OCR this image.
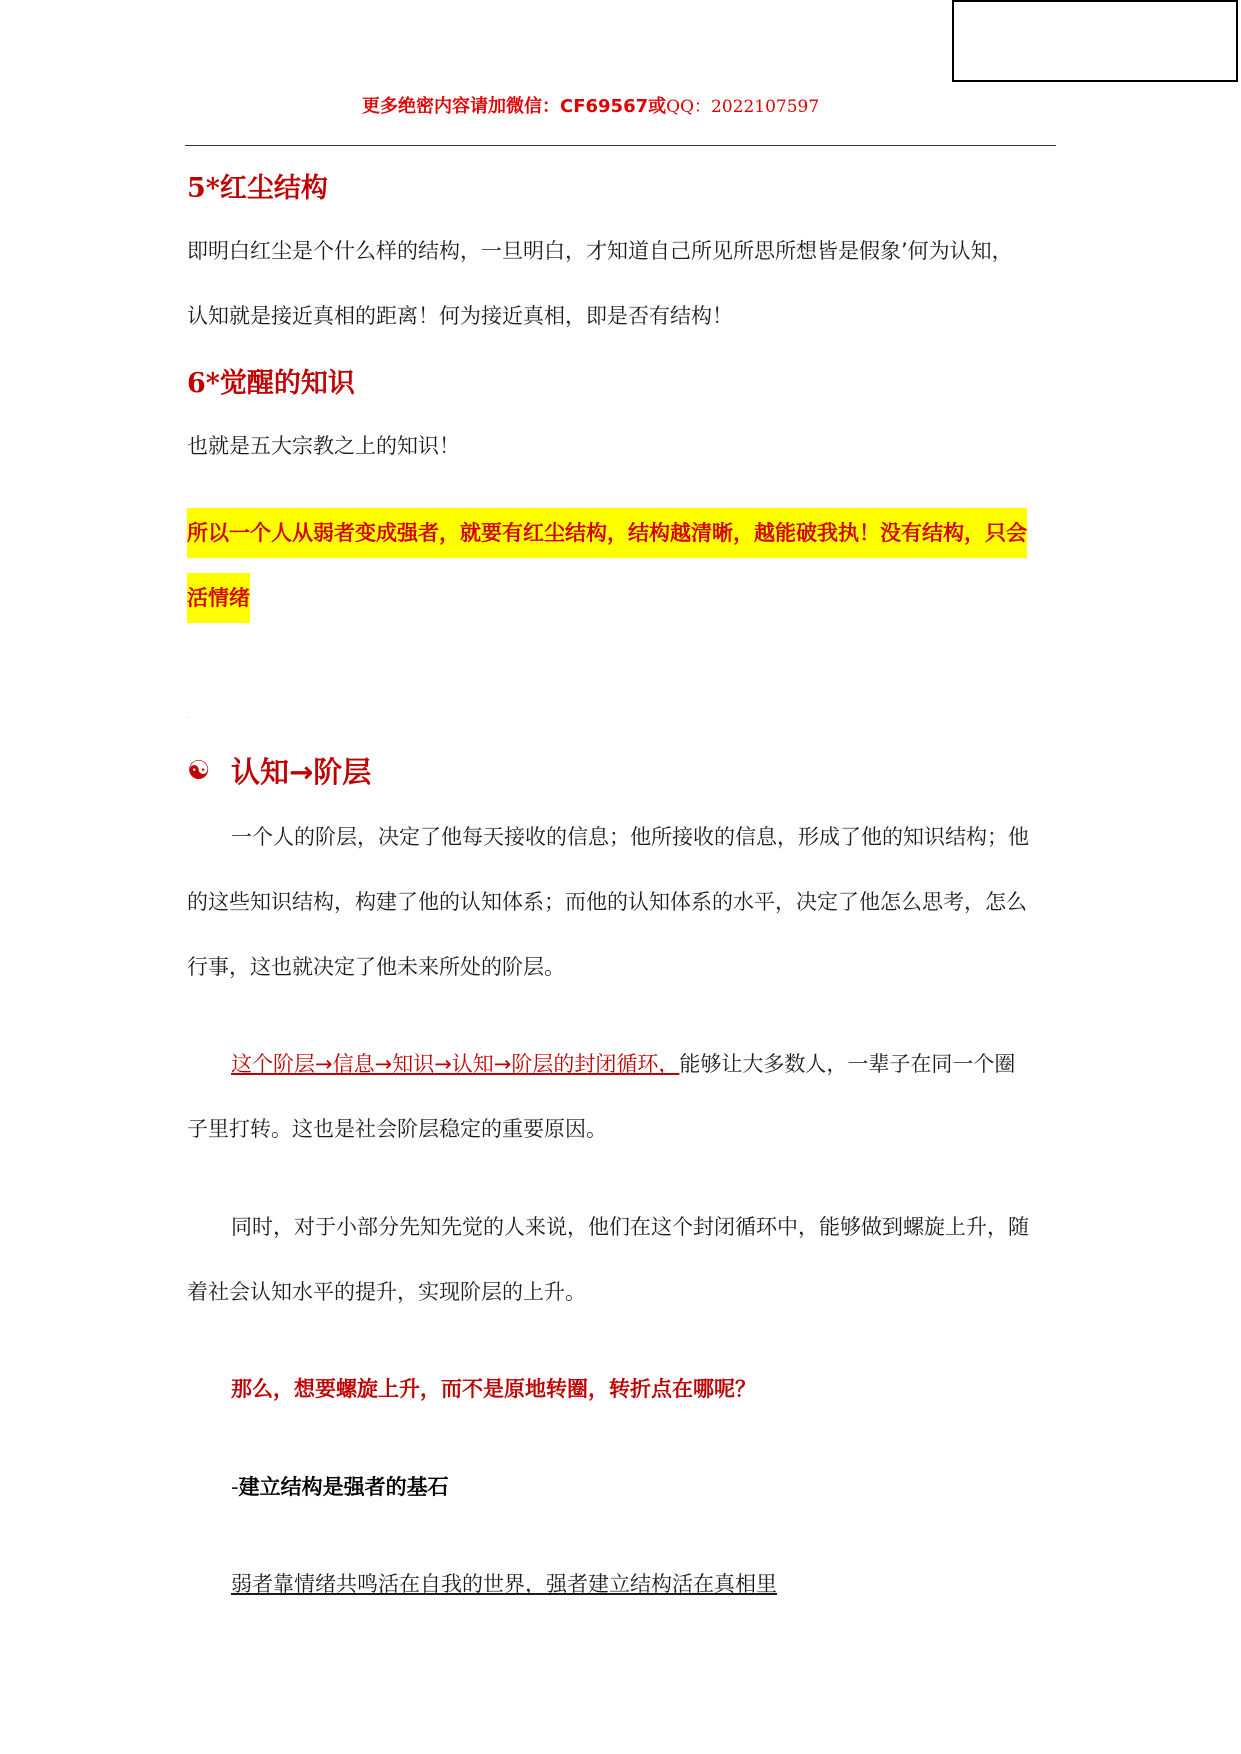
更多绝密内容请加微信：CF69567或QQ：2022107597
5*红尘结构
即明白红尘是个什么样的结构，一旦明白，才知道自己所见所思所想皆是假象’何为认知，
认知就是接近真相的距离！何为接近真相，即是否有结构！
6*觉醒的知识
也就是五大宗教之上的知识！
所以一个人从弱者变成强者，就要有红尘结构，结构越清晰，越能破我执！没有结构，只会
活情绪
·
☯ 认知→阶层
一个人的阶层，决定了他每天接收的信息；他所接收的信息，形成了他的知识结构；他
的这些知识结构，构建了他的认知体系；而他的认知体系的水平，决定了他怎么思考，怎么
行事，这也就决定了他未来所处的阶层。
这个阶层→信息→知识→认知→阶层的封闭循环，能够让大多数人，一辈子在同一个圈
子里打转。这也是社会阶层稳定的重要原因。
同时，对于小部分先知先觉的人来说，他们在这个封闭循环中，能够做到螺旋上升，随
着社会认知水平的提升，实现阶层的上升。
那么，想要螺旋上升，而不是原地转圈，转折点在哪呢？
-建立结构是强者的基石
弱者靠情绪共鸣活在自我的世界，强者建立结构活在真相里
